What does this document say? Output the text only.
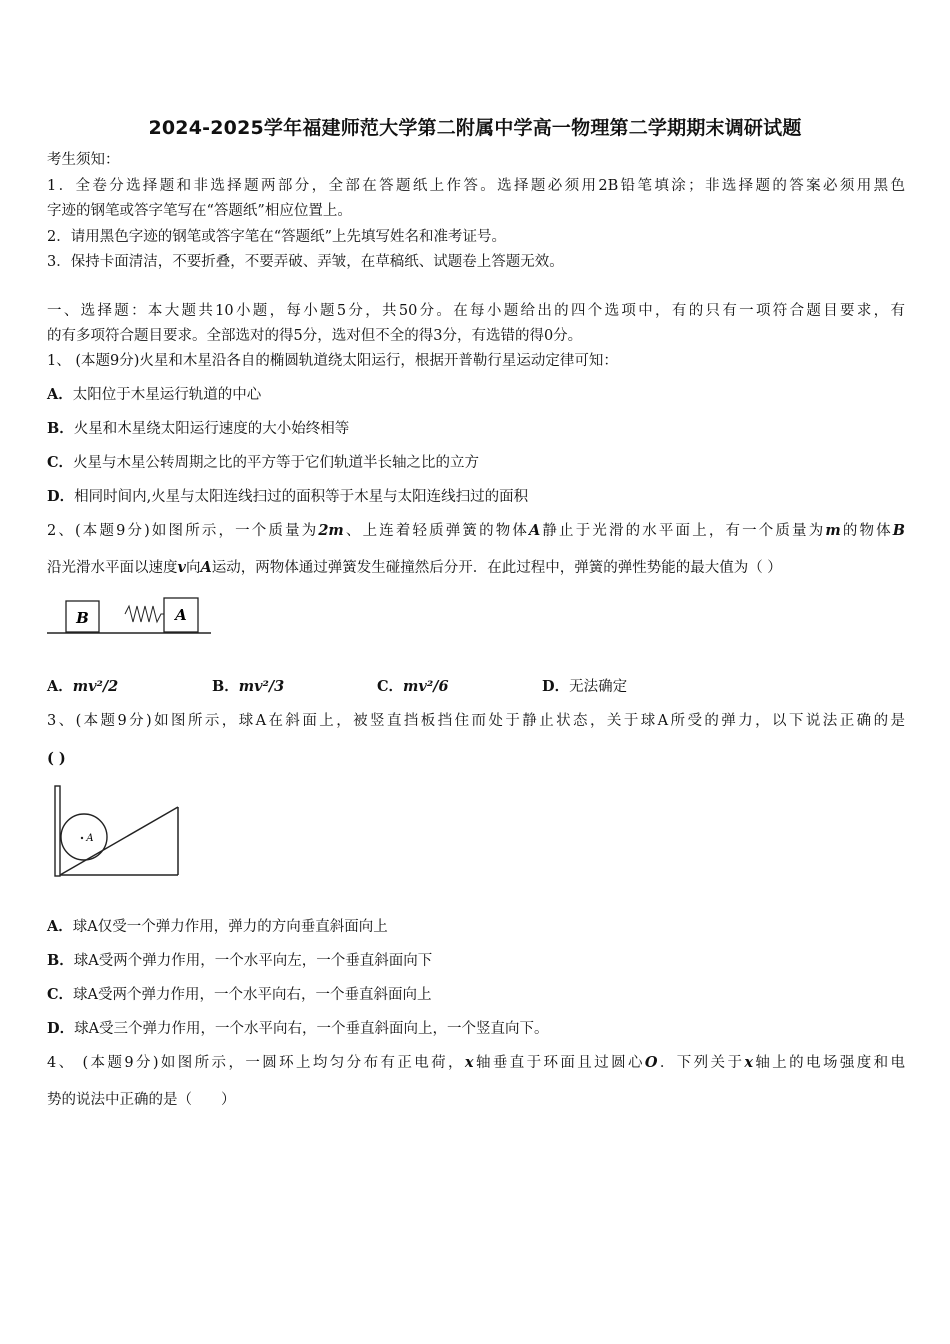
2024-2025学年福建师范大学第二附属中学高一物理第二学期期末调研试题
考生须知：
1．全卷分选择题和非选择题两部分，全部在答题纸上作答。选择题必须用2B铅笔填涂；非选择题的答案必须用黑色
字迹的钢笔或答字笔写在“答题纸”相应位置上。
2．请用黑色字迹的钢笔或答字笔在“答题纸”上先填写姓名和准考证号。
3．保持卡面清洁，不要折叠，不要弄破、弄皱，在草稿纸、试题卷上答题无效。
一、选择题：本大题共10小题，每小题5分，共50分。在每小题给出的四个选项中，有的只有一项符合题目要求，有
的有多项符合题目要求。全部选对的得5分，选对但不全的得3分，有选错的得0分。
1、 (本题9分)火星和木星沿各自的椭圆轨道绕太阳运行，根据开普勒行星运动定律可知：
A．太阳位于木星运行轨道的中心
B．火星和木星绕太阳运行速度的大小始终相等
C．火星与木星公转周期之比的平方等于它们轨道半长轴之比的立方
D．相同时间内,火星与太阳连线扫过的面积等于木星与太阳连线扫过的面积
2、(本题9分)如图所示，一个质量为2m、上连着轻质弹簧的物体A静止于光滑的水平面上，有一个质量为m的物体B
沿光滑水平面以速度v向A运动，两物体通过弹簧发生碰撞然后分开．在此过程中，弹簧的弹性势能的最大值为（ ）
B	A
A．mv²/2	B．mv²/3	C．mv²/6	D．无法确定
3、(本题9分)如图所示，球A在斜面上，被竖直挡板挡住而处于静止状态，关于球A所受的弹力，以下说法正确的是
( )
A
A．球A仅受一个弹力作用，弹力的方向垂直斜面向上
B．球A受两个弹力作用，一个水平向左，一个垂直斜面向下
C．球A受两个弹力作用，一个水平向右，一个垂直斜面向上
D．球A受三个弹力作用，一个水平向右，一个垂直斜面向上，一个竖直向下。
4、 (本题9分)如图所示，一圆环上均匀分布有正电荷，x轴垂直于环面且过圆心O．下列关于x轴上的电场强度和电
势的说法中正确的是（　　）
